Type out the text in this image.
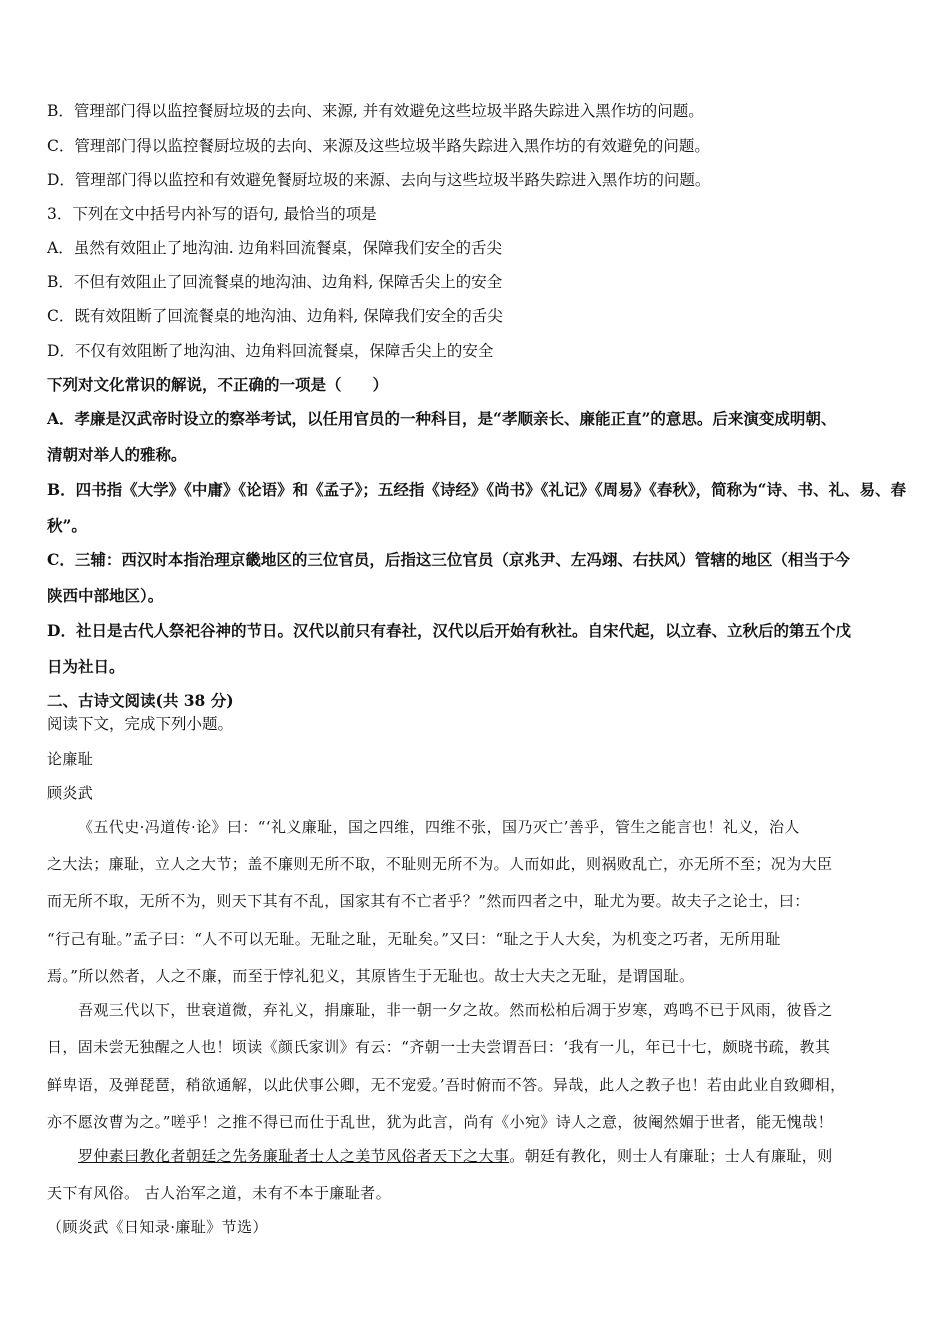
B．管理部门得以监控餐厨垃圾的去向、来源, 并有效避免这些垃圾半路失踪进入黑作坊的问题。
C．管理部门得以监控餐厨垃圾的去向、来源及这些垃圾半路失踪进入黑作坊的有效避免的问题。
D．管理部门得以监控和有效避免餐厨垃圾的来源、去向与这些垃圾半路失踪进入黑作坊的问题。
3．下列在文中括号内补写的语句, 最恰当的项是
A．虽然有效阻止了地沟油. 边角料回流餐桌，保障我们安全的舌尖
B．不但有效阻止了回流餐桌的地沟油、边角料, 保障舌尖上的安全
C．既有效阻断了回流餐桌的地沟油、边角料, 保障我们安全的舌尖
D．不仅有效阻断了地沟油、边角料回流餐桌，保障舌尖上的安全
下列对文化常识的解说，不正确的一项是（　　）
A．孝廉是汉武帝时设立的察举考试，以任用官员的一种科目，是“孝顺亲长、廉能正直”的意思。后来演变成明朝、
清朝对举人的雅称。
B．四书指《大学》《中庸》《论语》和《孟子》；五经指《诗经》《尚书》《礼记》《周易》《春秋》，简称为“诗、书、礼、易、春
秋”。
C．三辅：西汉时本指治理京畿地区的三位官员，后指这三位官员（京兆尹、左冯翊、右扶风）管辖的地区（相当于今
陕西中部地区）。
D．社日是古代人祭祀谷神的节日。汉代以前只有春社，汉代以后开始有秋社。自宋代起，以立春、立秋后的第五个戊
日为社日。
二、古诗文阅读(共 38 分)
阅读下文，完成下列小题。
论廉耻
顾炎武
《五代史·冯道传·论》曰：“‘礼义廉耻，国之四维，四维不张，国乃灭亡’善乎，管生之能言也！礼义，治人
之大法；廉耻，立人之大节；盖不廉则无所不取，不耻则无所不为。人而如此，则祸败乱亡，亦无所不至；况为大臣
而无所不取，无所不为，则天下其有不乱，国家其有不亡者乎？”然而四者之中，耻尤为要。故夫子之论士，曰：
“行己有耻。”孟子曰：“人不可以无耻。无耻之耻，无耻矣。”又曰：“耻之于人大矣，为机变之巧者，无所用耻
焉。”所以然者，人之不廉，而至于悖礼犯义，其原皆生于无耻也。故士大夫之无耻，是谓国耻。
吾观三代以下，世衰道微，弃礼义，捐廉耻，非一朝一夕之故。然而松柏后凋于岁寒，鸡鸣不已于风雨，彼昏之
日，固未尝无独醒之人也！顷读《颜氏家训》有云：“齐朝一士夫尝谓吾曰：‘我有一儿，年已十七，颇晓书疏，教其
鲜卑语，及弹琵琶，稍欲通解，以此伏事公卿，无不宠爱。’吾时俯而不答。异哉，此人之教子也！若由此业自致卿相，
亦不愿汝曹为之。”嗟乎！之推不得已而仕于乱世，犹为此言，尚有《小宛》诗人之意，彼阉然媚于世者，能无愧哉！
罗仲素曰教化者朝廷之先务廉耻者士人之美节风俗者天下之大事。朝廷有教化，则士人有廉耻；士人有廉耻，则
天下有风俗。 古人治军之道，未有不本于廉耻者。
（顾炎武《日知录·廉耻》节选）
